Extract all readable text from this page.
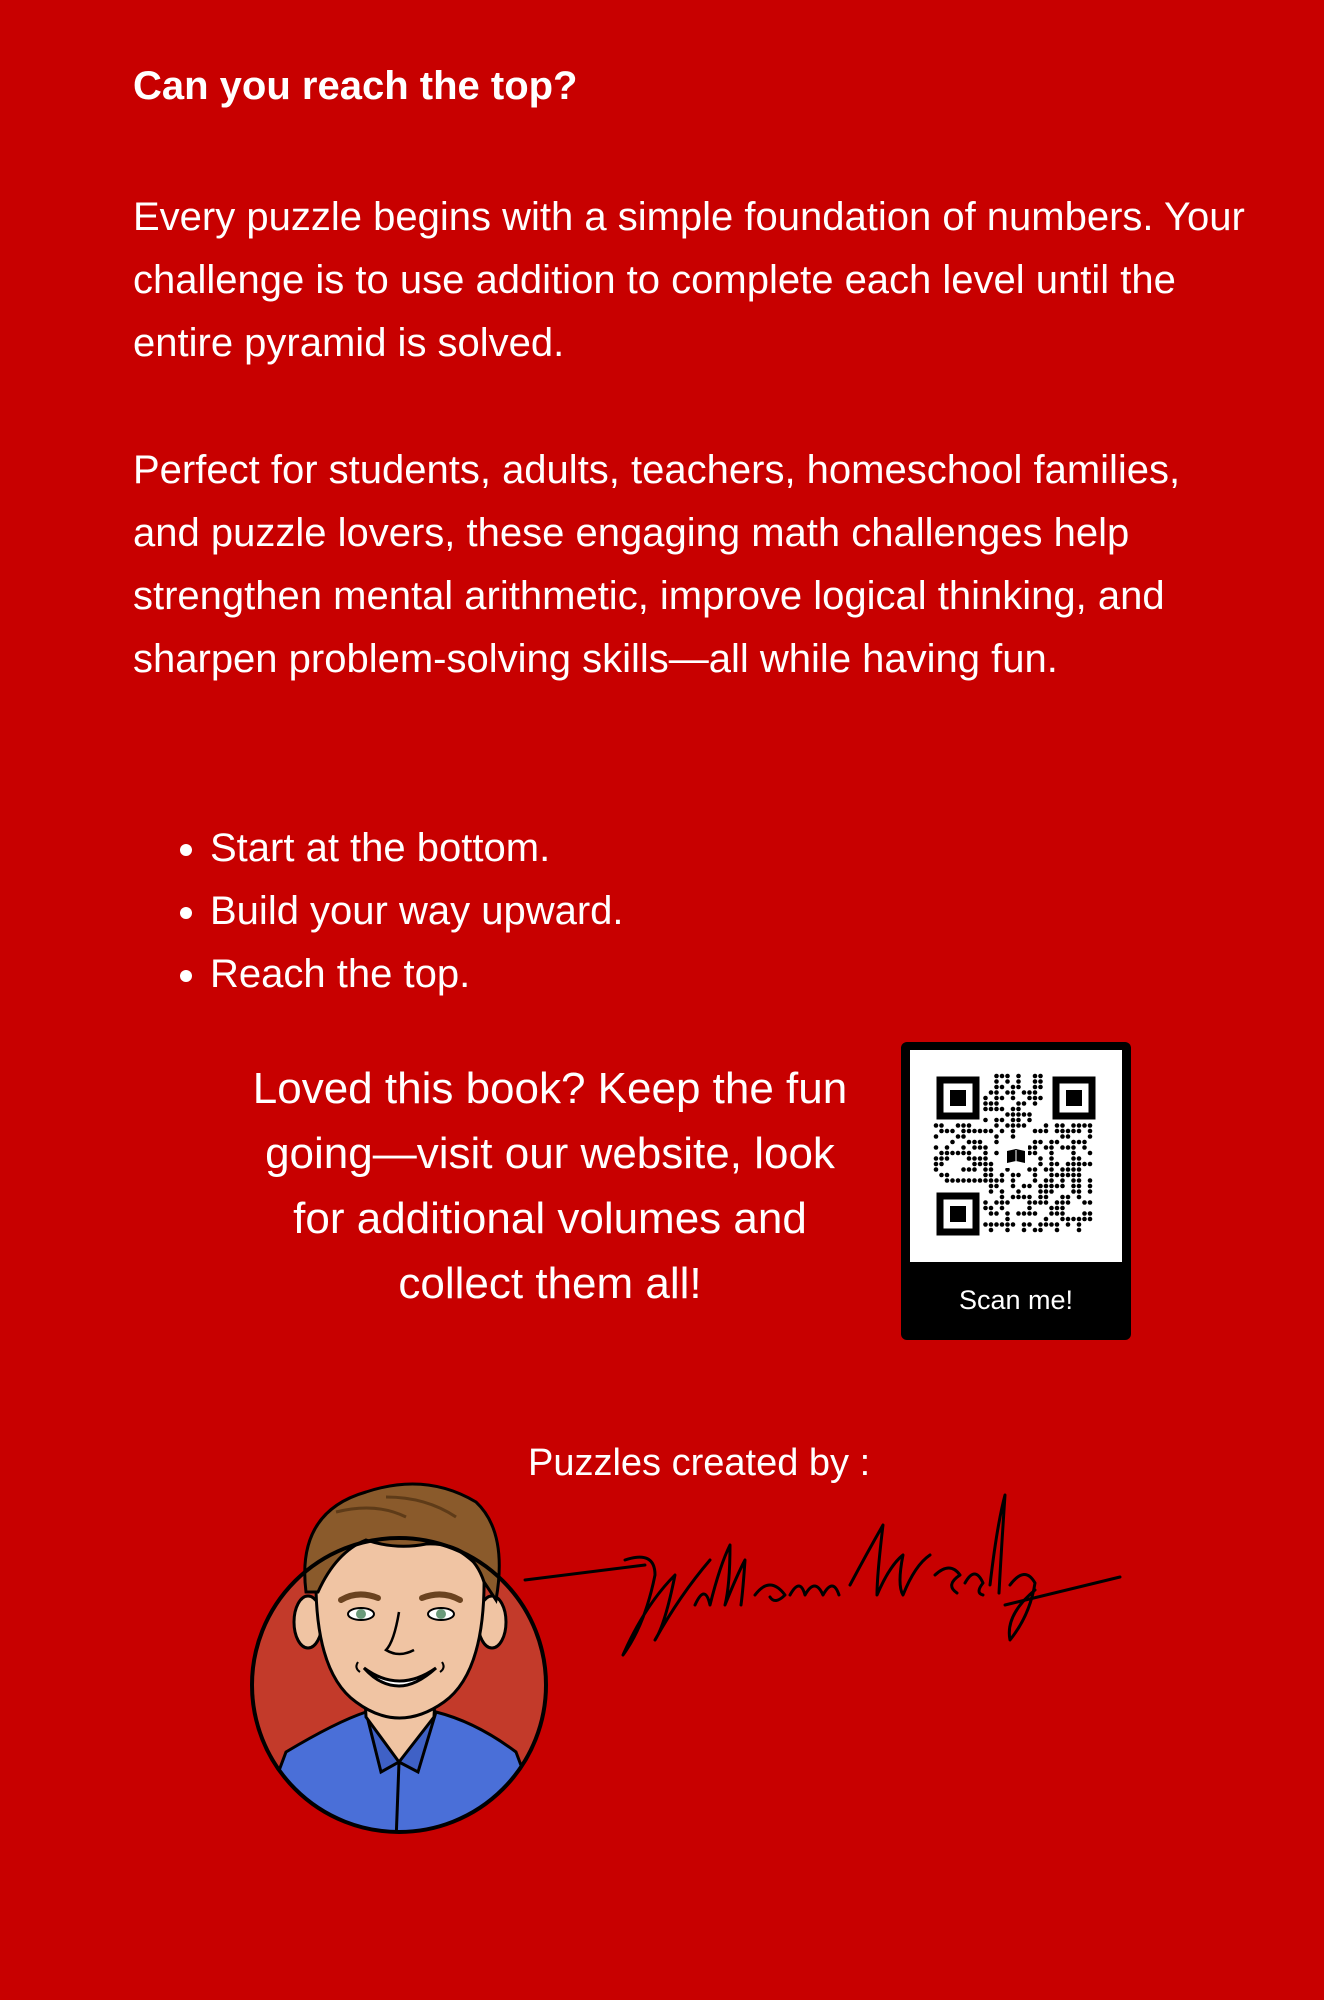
Can you reach the top?

Every puzzle begins with a simple foundation of numbers. Your challenge is to use addition to complete each level until the entire pyramid is solved.

Perfect for students, adults, teachers, homeschool families, and puzzle lovers, these engaging math challenges help strengthen mental arithmetic, improve logical thinking, and sharpen problem-solving skills—all while having fun.

• Start at the bottom.
• Build your way upward.
• Reach the top.

Loved this book? Keep the fun
going—visit our website, look
for additional volumes and
collect them all!	Scan me!

Puzzles created by :
